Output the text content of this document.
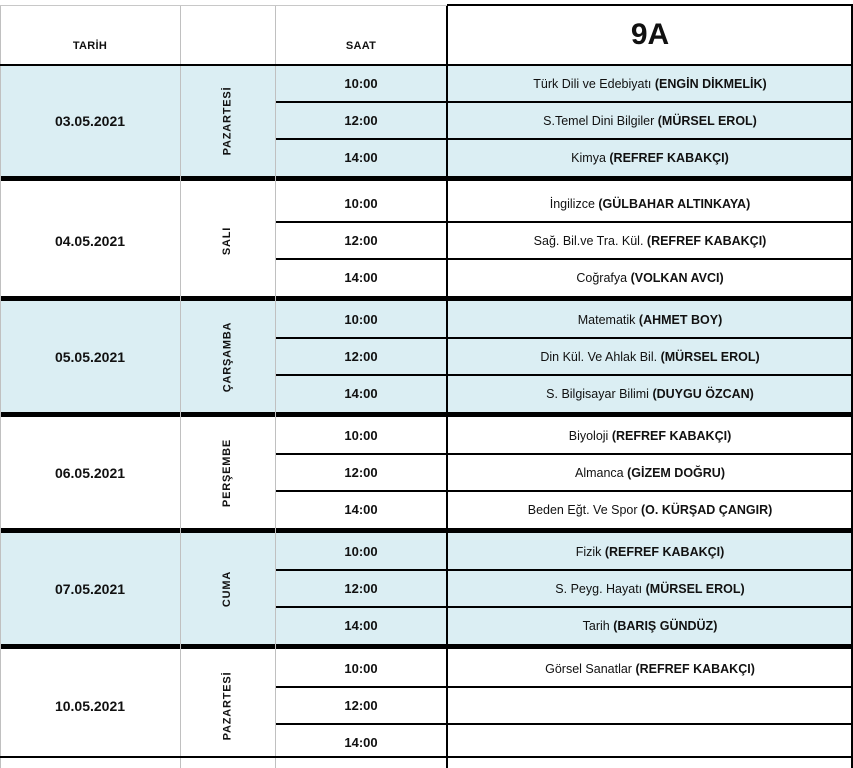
TARİH	SAAT	9A
03.05.2021	PAZARTESİ
10:00	Türk Dili ve Edebiyatı (ENGİN DİKMELİK)
12:00	S.Temel Dini Bilgiler (MÜRSEL EROL)
14:00	Kimya (REFREF KABAKÇI)
04.05.2021	SALI
10:00	İngilizce (GÜLBAHAR ALTINKAYA)
12:00	Sağ. Bil.ve Tra. Kül. (REFREF KABAKÇI)
14:00	Coğrafya (VOLKAN AVCI)
05.05.2021	ÇARŞAMBA
10:00	Matematik (AHMET BOY)
12:00	Din Kül. Ve Ahlak Bil. (MÜRSEL EROL)
14:00	S. Bilgisayar Bilimi (DUYGU ÖZCAN)
06.05.2021	PERŞEMBE
10:00	Biyoloji (REFREF KABAKÇI)
12:00	Almanca (GİZEM DOĞRU)
14:00	Beden Eğt. Ve Spor (O. KÜRŞAD ÇANGIR)
07.05.2021	CUMA
10:00	Fizik (REFREF KABAKÇI)
12:00	S. Peyg. Hayatı (MÜRSEL EROL)
14:00	Tarih (BARIŞ GÜNDÜZ)
10.05.2021	PAZARTESİ
10:00	Görsel Sanatlar (REFREF KABAKÇI)
12:00
14:00
